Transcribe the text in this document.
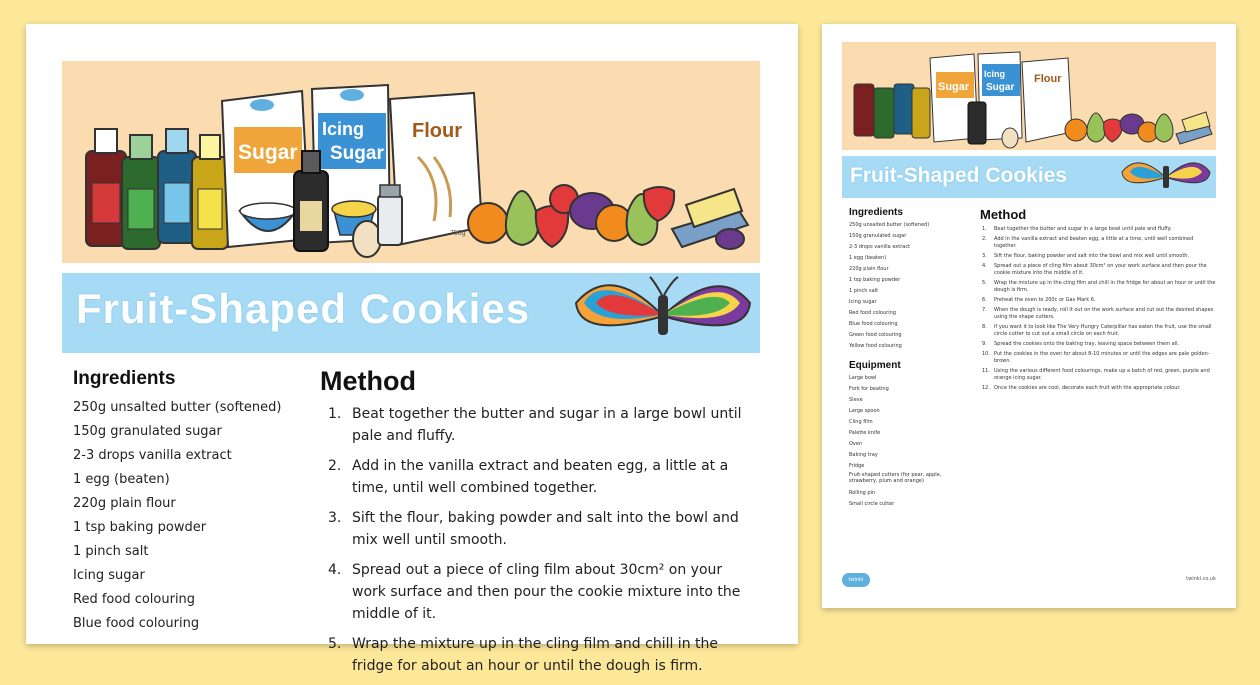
Sugar
Icing
Sugar
Flour
750g
Fruit-Shaped Cookies
Ingredients
250g unsalted butter (softened)
150g granulated sugar
2-3 drops vanilla extract
1 egg (beaten)
220g plain flour
1 tsp baking powder
1 pinch salt
Icing sugar
Red food colouring
Blue food colouring
Method
1. Beat together the butter and sugar in a large bowl until pale and fluffy.
2. Add in the vanilla extract and beaten egg, a little at a time, until well combined together.
3. Sift the flour, baking powder and salt into the bowl and mix well until smooth.
4. Spread out a piece of cling film about 30cm² on your work surface and then pour the cookie mixture into the middle of it.
5. Wrap the mixture up in the cling film and chill in the fridge for about an hour or until the dough is firm.
Sugar
Icing
Sugar
Flour
Fruit-Shaped Cookies
Ingredients
250g unsalted butter (softened)
150g granulated sugar
2-3 drops vanilla extract
1 egg (beaten)
220g plain flour
1 tsp baking powder
1 pinch salt
Icing sugar
Red food colouring
Blue food colouring
Green food colouring
Yellow food colouring
Equipment
Large bowl
Fork for beating
Sieve
Large spoon
Cling film
Palette knife
Oven
Baking tray
Fridge
Fruit-shaped cutters (for pear, apple, strawberry, plum and orange)
Rolling pin
Small circle cutter
Method
1.	Beat together the butter and sugar in a large bowl until pale and fluffy.
2.	Add in the vanilla extract and beaten egg, a little at a time, until well combined together.
3.	Sift the flour, baking powder and salt into the bowl and mix well until smooth.
4.	Spread out a piece of cling film about 30cm² on your work surface and then pour the cookie mixture into the middle of it.
5.	Wrap the mixture up in the cling film and chill in the fridge for about an hour or until the dough is firm.
6.	Preheat the oven to 200c or Gas Mark 6.
7.	When the dough is ready, roll it out on the work surface and cut out the desired shapes using the shape cutters.
8.	If you want it to look like The Very Hungry Caterpillar has eaten the fruit, use the small circle cutter to cut out a small circle on each fruit.
9.	Spread the cookies onto the baking tray, leaving space between them all.
10. Put the cookies in the oven for about 8-10 minutes or until the edges are pale golden-brown.
11. Using the various different food colourings, make up a batch of red, green, purple and orange icing sugar.
12. Once the cookies are cool, decorate each fruit with the appropriate colour.
twinkl	twinkl.co.uk
